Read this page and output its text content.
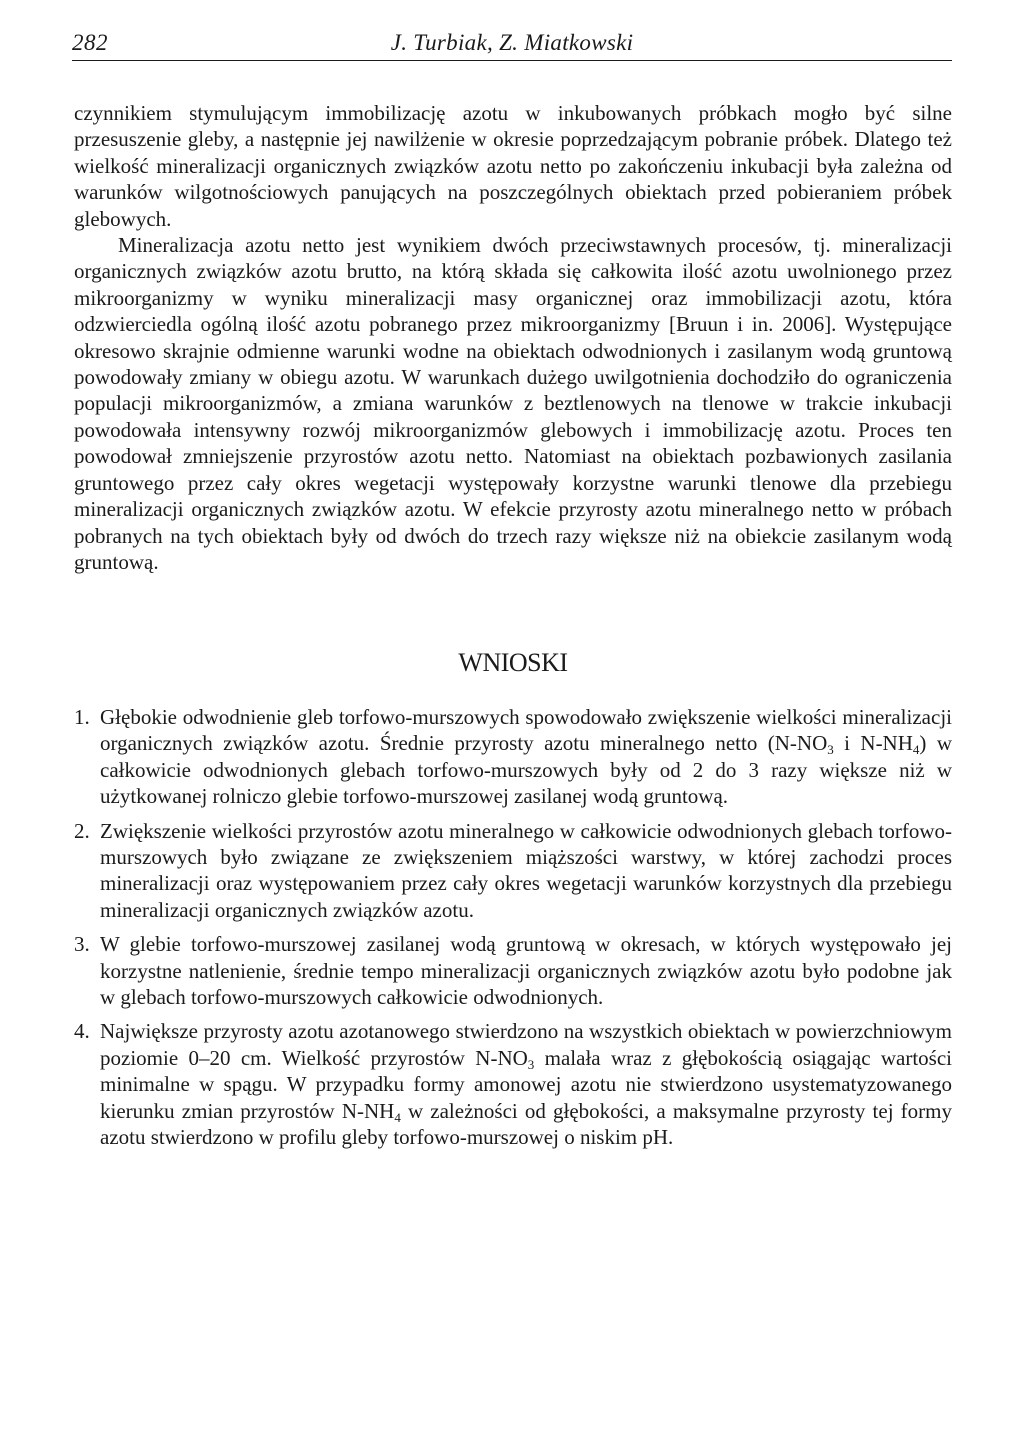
282	J. Turbiak, Z. Miatkowski

czynnikiem stymulującym immobilizację azotu w inkubowanych próbkach mogło być silne przesuszenie gleby, a następnie jej nawilżenie w okresie poprzedzającym pobranie próbek. Dlatego też wielkość mineralizacji organicznych związków azotu netto po zakończeniu inkubacji była zależna od warunków wilgotnościowych panujących na poszczególnych obiektach przed pobieraniem próbek glebowych.

Mineralizacja azotu netto jest wynikiem dwóch przeciwstawnych procesów, tj. mineralizacji organicznych związków azotu brutto, na którą składa się całkowita ilość azotu uwolnionego przez mikroorganizmy w wyniku mineralizacji masy organicznej oraz immobilizacji azotu, która odzwierciedla ogólną ilość azotu pobranego przez mikroorganizmy [Bruun i in. 2006]. Występujące okresowo skrajnie odmienne warunki wodne na obiektach odwodnionych i zasilanym wodą gruntową powodowały zmiany w obiegu azotu. W warunkach dużego uwilgotnienia dochodziło do ograniczenia populacji mikroorganizmów, a zmiana warunków z beztlenowych na tlenowe w trakcie inkubacji powodowała intensywny rozwój mikroorganizmów glebowych i immobilizację azotu. Proces ten powodował zmniejszenie przyrostów azotu netto. Natomiast na obiektach pozbawionych zasilania gruntowego przez cały okres wegetacji występowały korzystne warunki tlenowe dla przebiegu mineralizacji organicznych związków azotu. W efekcie przyrosty azotu mineralnego netto w próbach pobranych na tych obiektach były od dwóch do trzech razy większe niż na obiekcie zasilanym wodą gruntową.

WNIOSKI
1. Głębokie odwodnienie gleb torfowo-murszowych spowodowało zwiększenie wielkości mineralizacji organicznych związków azotu. Średnie przyrosty azotu mineralnego netto ($N-NO_3$ i $N-NH_4$) w całkowicie odwodnionych glebach torfowo-murszowych były od 2 do 3 razy większe niż w użytkowanej rolniczo glebie torfowo-murszowej zasilanej wodą gruntową.
2. Zwiększenie wielkości przyrostów azotu mineralnego w całkowicie odwodnionych glebach torfowo-murszowych było związane ze zwiększeniem miąższości warstwy, w której zachodzi proces mineralizacji oraz występowaniem przez cały okres wegetacji warunków korzystnych dla przebiegu mineralizacji organicznych związków azotu.
3. W glebie torfowo-murszowej zasilanej wodą gruntową w okresach, w których występowało jej korzystne natlenienie, średnie tempo mineralizacji organicznych związków azotu było podobne jak w glebach torfowo-murszowych całkowicie odwodnionych.
4. Największe przyrosty azotu azotanowego stwierdzono na wszystkich obiektach w powierzchniowym poziomie 0–20 cm. Wielkość przyrostów $N-NO_3$ malała wraz z głębokością osiągając wartości minimalne w spągu. W przypadku formy amonowej azotu nie stwierdzono usystematyzowanego kierunku zmian przyrostów $N-NH_4$ w zależności od głębokości, a maksymalne przyrosty tej formy azotu stwierdzono w profilu gleby torfowo-murszowej o niskim pH.
